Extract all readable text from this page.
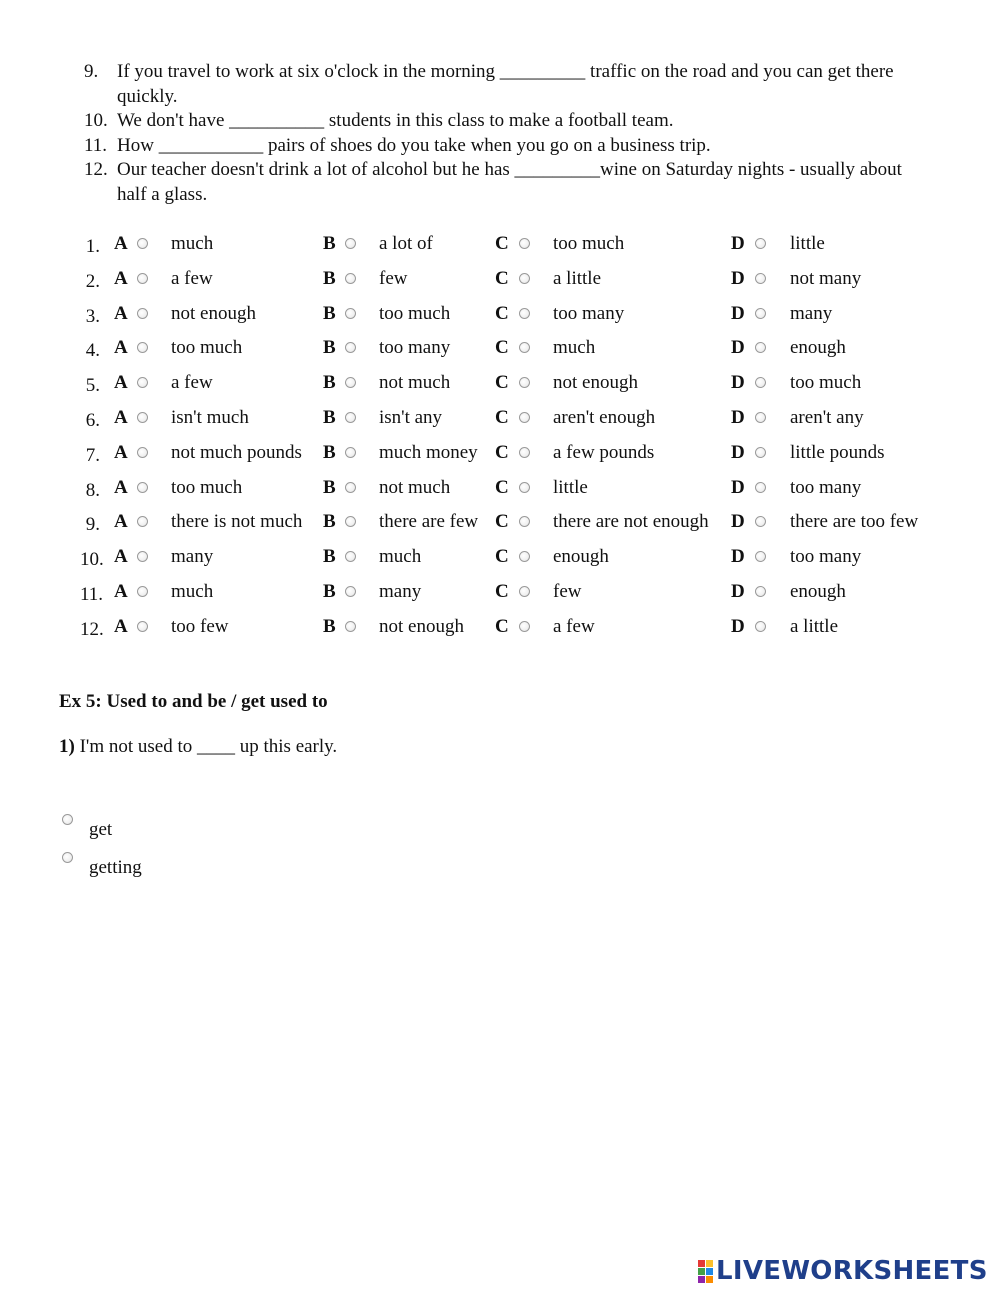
9. If you travel to work at six o'clock in the morning _________ traffic on the road and you can get there quickly.
10. We don't have __________ students in this class to make a football team.
11. How ___________ pairs of shoes do you take when you go on a business trip.
12. Our teacher doesn't drink a lot of alcohol but he has _________wine on Saturday nights - usually about half a glass.
1. A much	B a lot of	C too much	D little
2. A a few	B few	C a little	D not many
3. A not enough	B too much C too many	D many
4. A too much	B too many C much	D enough
5. A a few	B not much C not enough	D too much
6. A isn't much	B isn't any	C aren't enough	D aren't any
7. A not much pounds B much money C a few pounds	D little pounds
8. A too much	B not much C little	D too many
9. A there is not much B there are few C there are not enough D there are too few
10. A many	B much	C enough	D too many
11. A much	B many	C few	D enough
12. A too few	B not enough C a few	D a little
Ex 5: Used to and be / get used to
1) I'm not used to ____ up this early.
get
getting
LIVEWORKSHEETS
